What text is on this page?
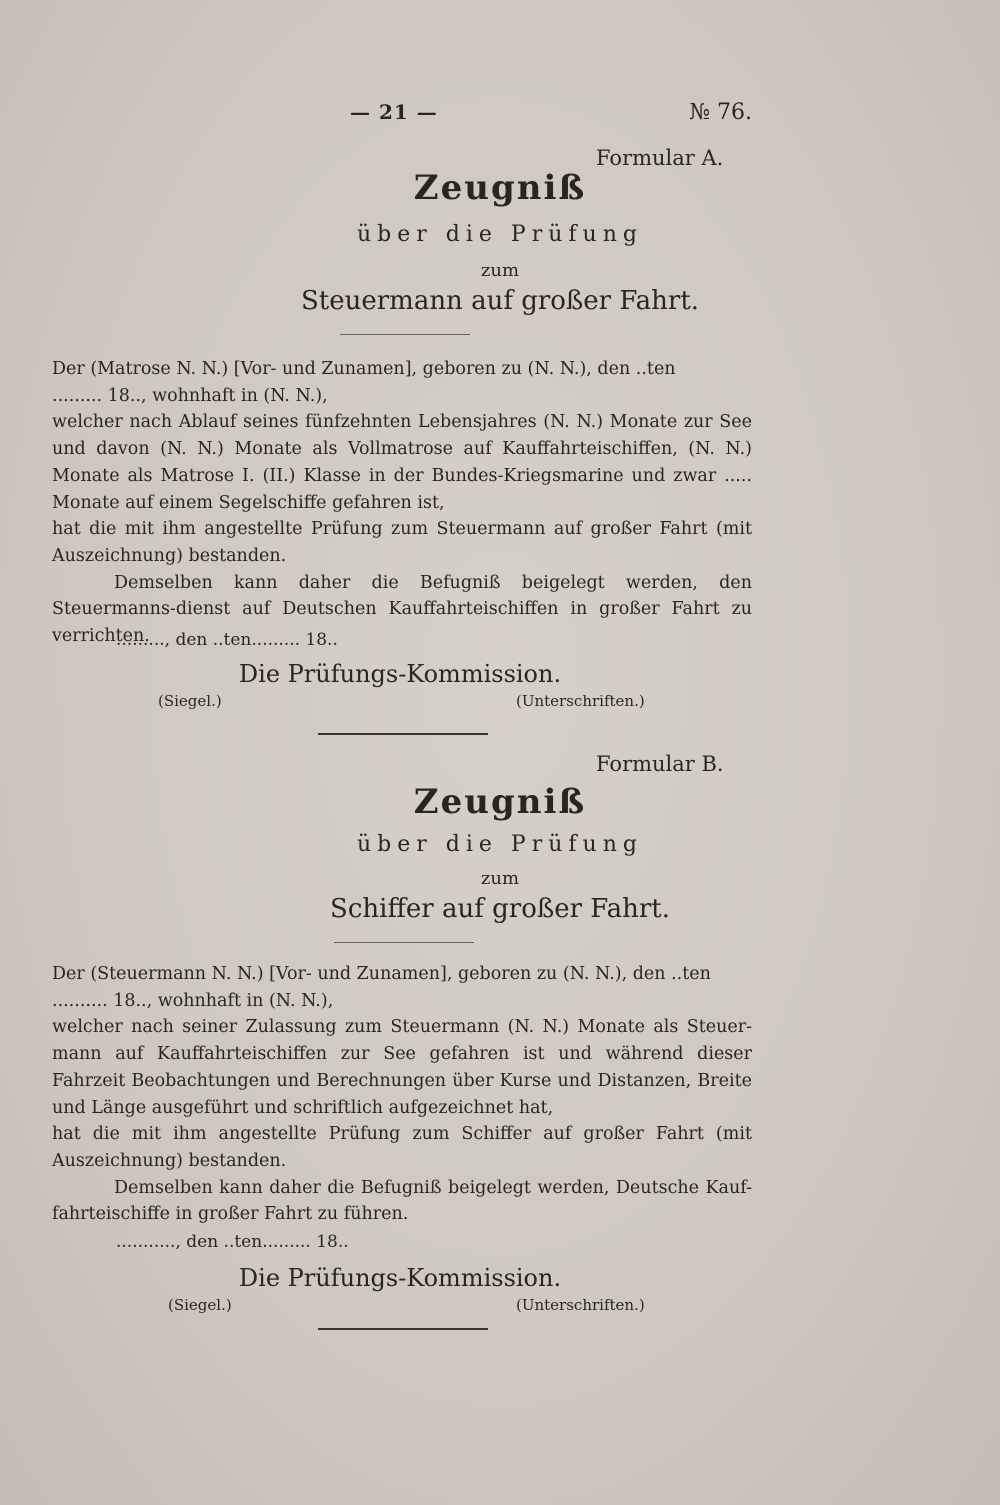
— 21 —	№ 76.
Formular A.
Zeugniß
über die Prüfung
zum
Steuermann auf großer Fahrt.

Der (Matrose N. N.) [Vor- und Zunamen], geboren zu (N. N.), den ..ten

......... 18.., wohnhaft in (N. N.),

welcher nach Ablauf seines fünfzehnten Lebensjahres (N. N.) Monate zur See und davon (N. N.) Monate als Vollmatrose auf Kauffahrteischiffen, (N. N.) Monate als Matrose I. (II.) Klasse in der Bundes-Kriegsmarine und zwar ..... Monate auf einem Segelschiffe gefahren ist,

hat die mit ihm angestellte Prüfung zum Steuermann auf großer Fahrt (mit Auszeichnung) bestanden.

Demselben kann daher die Befugniß beigelegt werden, den Steuermanns-dienst auf Deutschen Kauffahrteischiffen in großer Fahrt zu verrichten.

........., den ..ten......... 18..
Die Prüfungs-Kommission.
(Siegel.)	(Unterschriften.)
Formular B.
Zeugniß
über die Prüfung
zum
Schiffer auf großer Fahrt.

Der (Steuermann N. N.) [Vor- und Zunamen], geboren zu (N. N.), den ..ten

.......... 18.., wohnhaft in (N. N.),

welcher nach seiner Zulassung zum Steuermann (N. N.) Monate als Steuer-mann auf Kauffahrteischiffen zur See gefahren ist und während dieser Fahrzeit Beobachtungen und Berechnungen über Kurse und Distanzen, Breite und Länge ausgeführt und schriftlich aufgezeichnet hat,

hat die mit ihm angestellte Prüfung zum Schiffer auf großer Fahrt (mit Auszeichnung) bestanden.

Demselben kann daher die Befugniß beigelegt werden, Deutsche Kauf-fahrteischiffe in großer Fahrt zu führen.

..........., den ..ten......... 18..
Die Prüfungs-Kommission.
(Siegel.)	(Unterschriften.)
